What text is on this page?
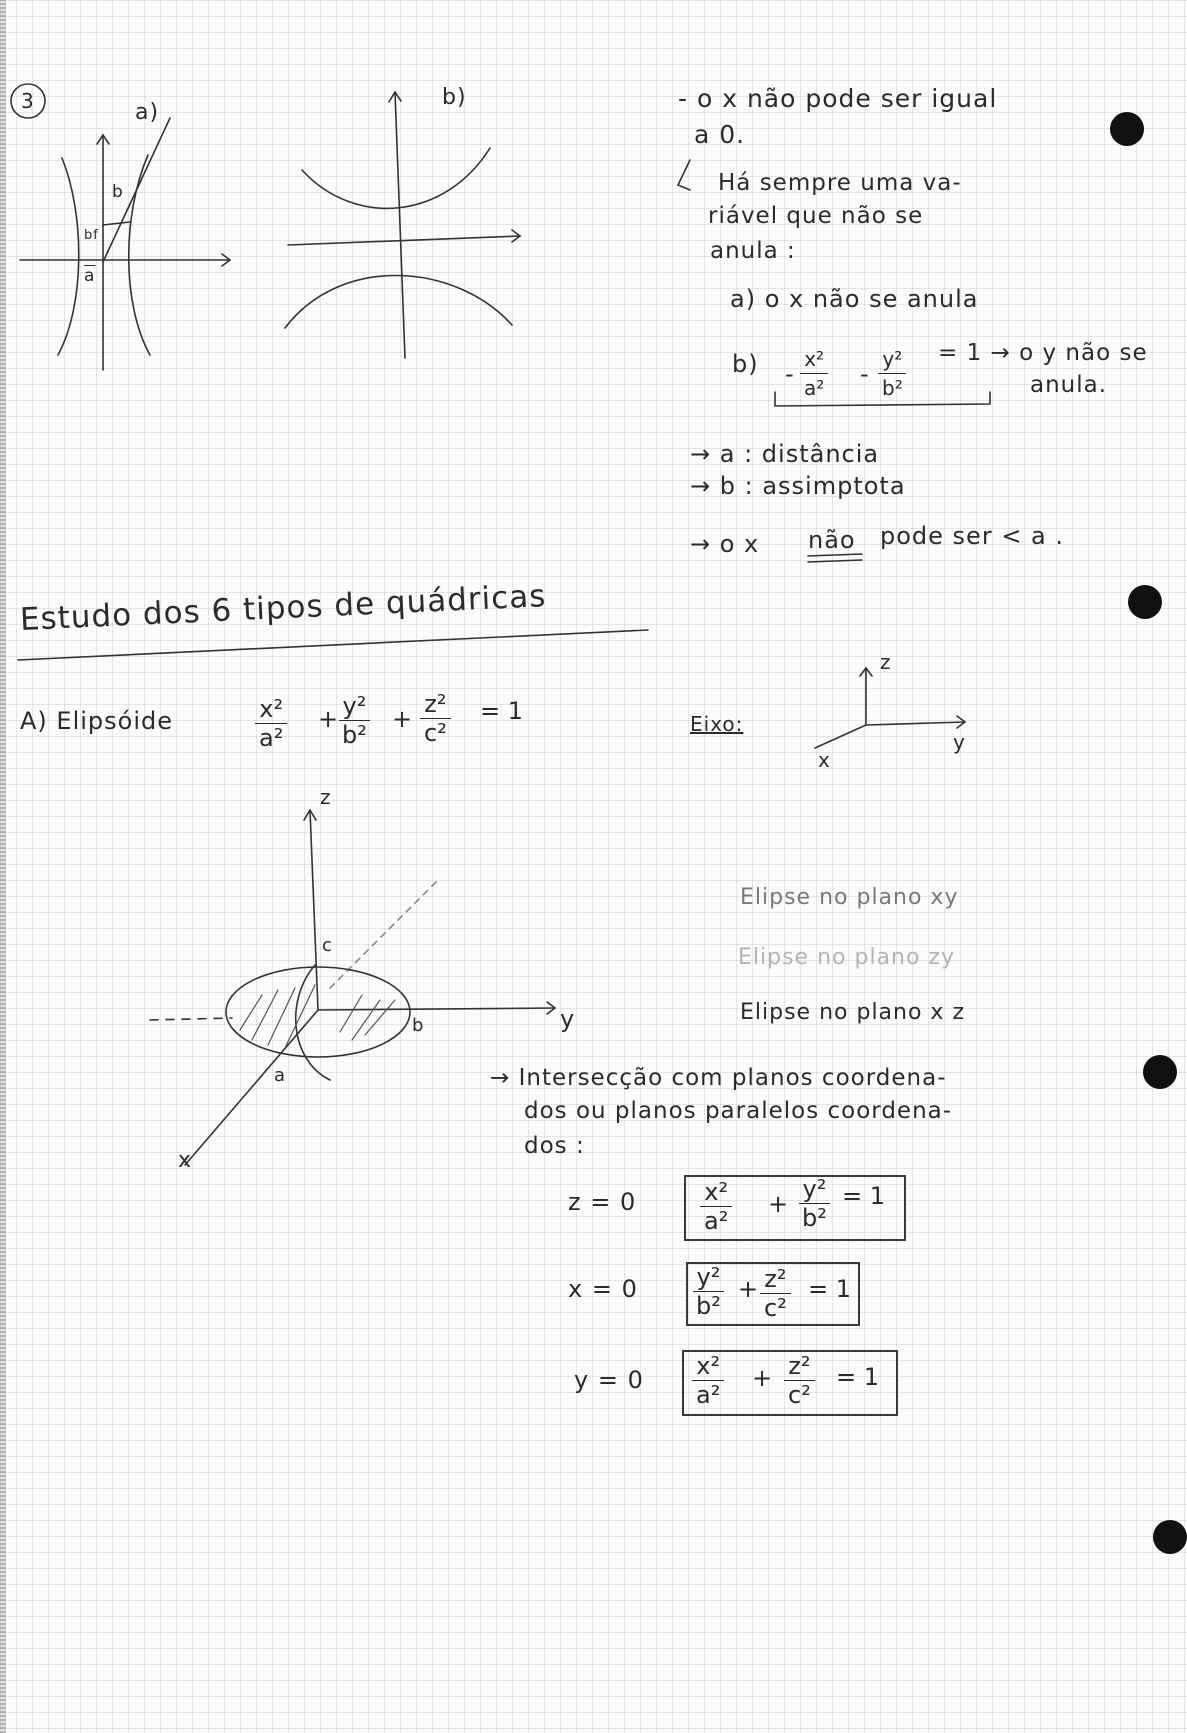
3	a)
b)
b
bf
$\overline{a}$
- o x não pode ser igual
a 0.
Há sempre uma va-
riável que não se
anula :
a) o x não se anula
$b) - \frac{\text{x²}}{\text{a²}} - \frac{\text{y²}}{\text{b²}} = 1 \to o$ y não se
anula.
→ a : distância
→ b : assimptota
→ o x não pode ser < a .
Estudo dos 6 tipos de quádricas
A) Elipsóide	$\frac{\text{x²}}{\text{a²}} + \frac{\text{y²}}{\text{b²}} + \frac{\text{z²}}{\text{c²}} = 1$	Eixo:
z
y
x
z
y
x
a
b
c
Elipse no plano xy
Elipse no plano zy
Elipse no plano x z
→ Intersecção com planos coordena-
dos ou planos paralelos coordena-
dos :
z = 0	$\frac{\text{x²}}{\text{a²}} + \frac{\text{y²}}{\text{b²}} = 1$
$x = 0 \frac{\text{y²}}{\text{b²}} + \frac{\text{z²}}{\text{c²}} = 1$
$y = 0 \frac{\text{x²}}{\text{a²}} + \frac{\text{z²}}{\text{c²}} = 1$
